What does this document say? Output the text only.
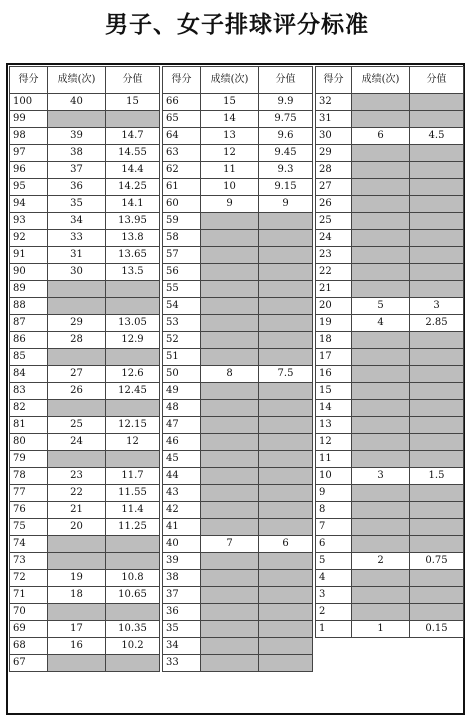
男子、女子排球评分标准
得分	成绩(次)	分值
100	40	15
99		
98	39	14.7
97	38	14.55
96	37	14.4
95	36	14.25
94	35	14.1
93	34	13.95
92	33	13.8
91	31	13.65
90	30	13.5
89		
88		
87	29	13.05
86	28	12.9
85		
84	27	12.6
83	26	12.45
82		
81	25	12.15
80	24	12
79		
78	23	11.7
77	22	11.55
76	21	11.4
75	20	11.25
74		
73		
72	19	10.8
71	18	10.65
70		
69	17	10.35
68	16	10.2
67		
得分	成绩(次)	分值
66	15	9.9
65	14	9.75
64	13	9.6
63	12	9.45
62	11	9.3
61	10	9.15
60	9	9
59		
58		
57		
56		
55		
54		
53		
52		
51		
50	8	7.5
49		
48		
47		
46		
45		
44		
43		
42		
41		
40	7	6
39		
38		
37		
36		
35		
34		
33		
得分	成绩(次)	分值
32		
31		
30	6	4.5
29		
28		
27		
26		
25		
24		
23		
22		
21		
20	5	3
19	4	2.85
18		
17		
16		
15		
14		
13		
12		
11		
10	3	1.5
9		
8		
7		
6		
5	2	0.75
4		
3		
2		
1	1	0.15
